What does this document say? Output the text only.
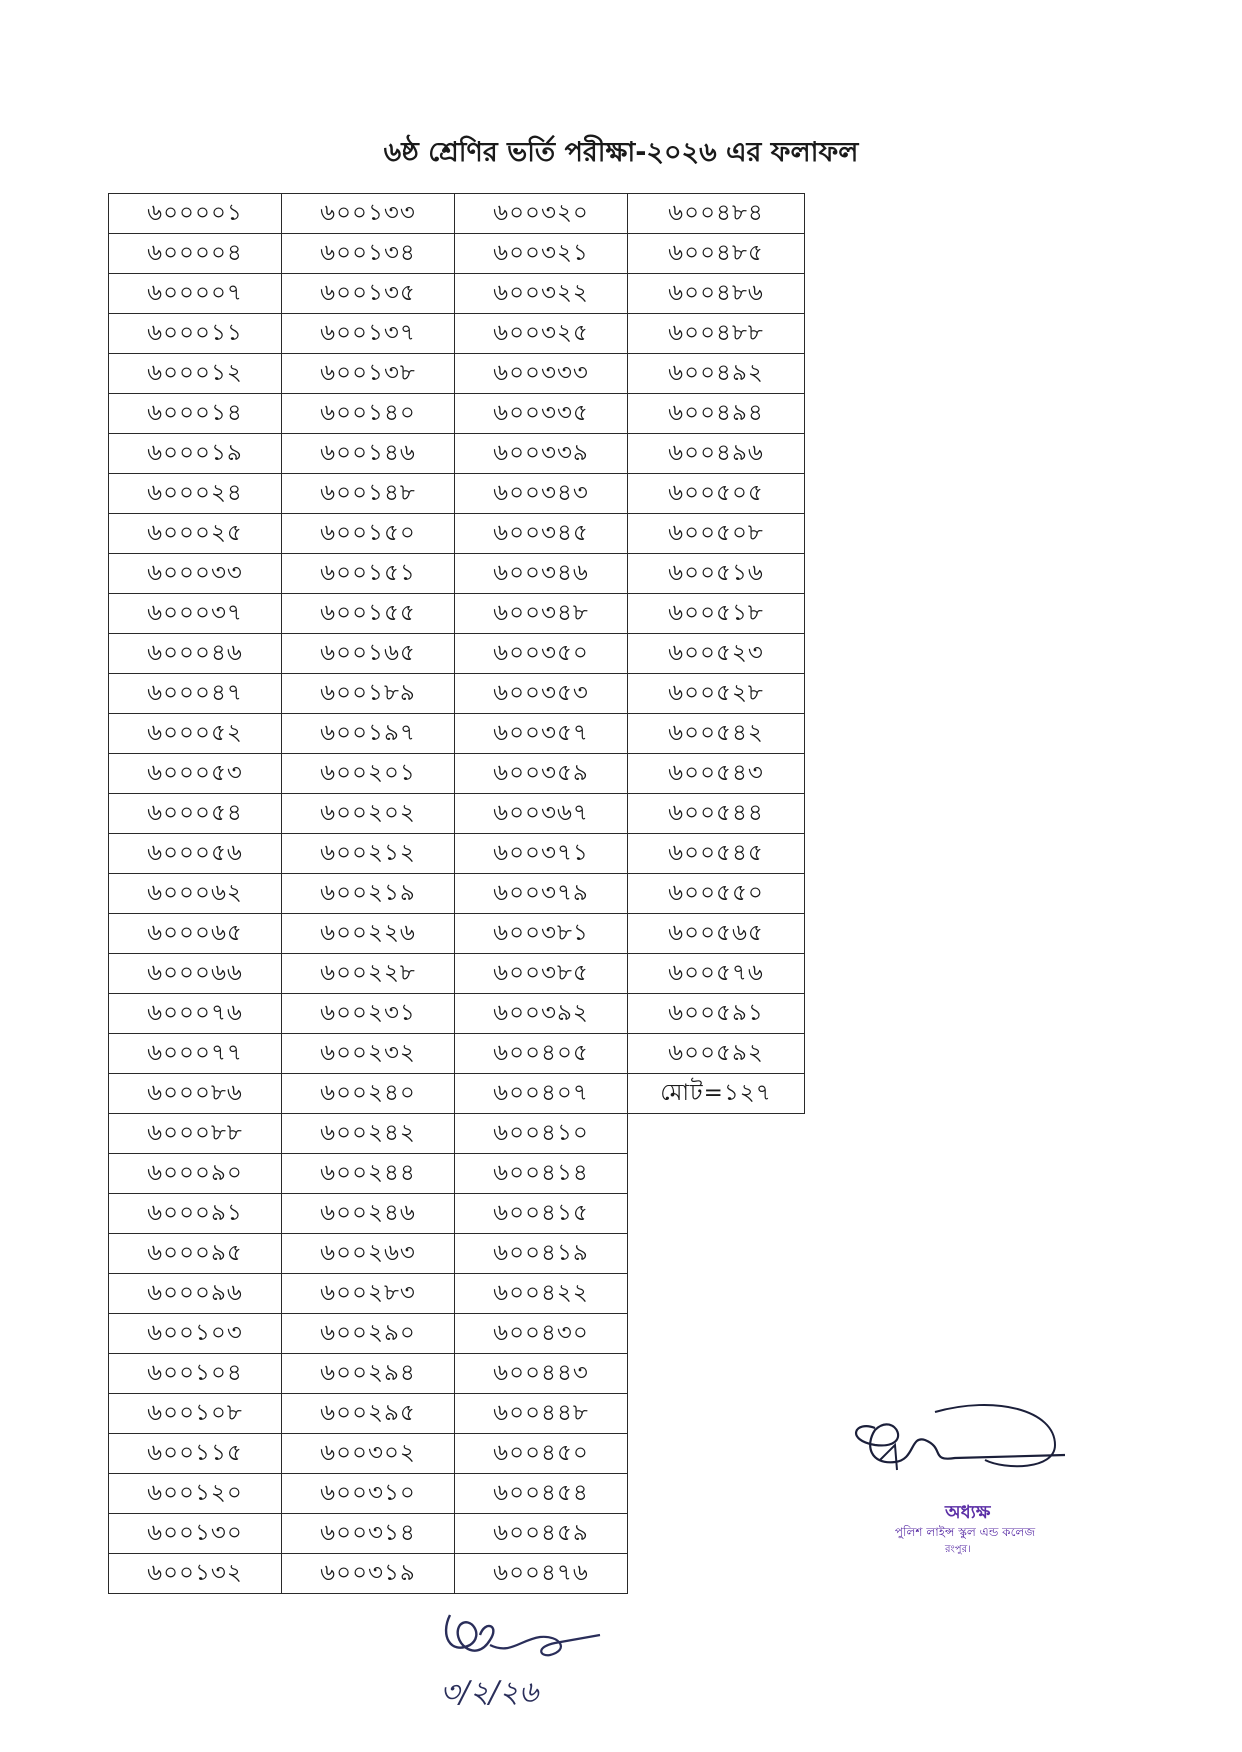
৬ষ্ঠ শ্রেণির ভর্তি পরীক্ষা-২০২৬ এর ফলাফল
৬০০০০১	৬০০১৩৩	৬০০৩২০	৬০০৪৮৪
৬০০০০৪	৬০০১৩৪	৬০০৩২১	৬০০৪৮৫
৬০০০০৭	৬০০১৩৫	৬০০৩২২	৬০০৪৮৬
৬০০০১১	৬০০১৩৭	৬০০৩২৫	৬০০৪৮৮
৬০০০১২	৬০০১৩৮	৬০০৩৩৩	৬০০৪৯২
৬০০০১৪	৬০০১৪০	৬০০৩৩৫	৬০০৪৯৪
৬০০০১৯	৬০০১৪৬	৬০০৩৩৯	৬০০৪৯৬
৬০০০২৪	৬০০১৪৮	৬০০৩৪৩	৬০০৫০৫
৬০০০২৫	৬০০১৫০	৬০০৩৪৫	৬০০৫০৮
৬০০০৩৩	৬০০১৫১	৬০০৩৪৬	৬০০৫১৬
৬০০০৩৭	৬০০১৫৫	৬০০৩৪৮	৬০০৫১৮
৬০০০৪৬	৬০০১৬৫	৬০০৩৫০	৬০০৫২৩
৬০০০৪৭	৬০০১৮৯	৬০০৩৫৩	৬০০৫২৮
৬০০০৫২	৬০০১৯৭	৬০০৩৫৭	৬০০৫৪২
৬০০০৫৩	৬০০২০১	৬০০৩৫৯	৬০০৫৪৩
৬০০০৫৪	৬০০২০২	৬০০৩৬৭	৬০০৫৪৪
৬০০০৫৬	৬০০২১২	৬০০৩৭১	৬০০৫৪৫
৬০০০৬২	৬০০২১৯	৬০০৩৭৯	৬০০৫৫০
৬০০০৬৫	৬০০২২৬	৬০০৩৮১	৬০০৫৬৫
৬০০০৬৬	৬০০২২৮	৬০০৩৮৫	৬০০৫৭৬
৬০০০৭৬	৬০০২৩১	৬০০৩৯২	৬০০৫৯১
৬০০০৭৭	৬০০২৩২	৬০০৪০৫	৬০০৫৯২
৬০০০৮৬	৬০০২৪০	৬০০৪০৭	মোট=১২৭
৬০০০৮৮	৬০০২৪২	৬০০৪১০	
৬০০০৯০	৬০০২৪৪	৬০০৪১৪	
৬০০০৯১	৬০০২৪৬	৬০০৪১৫	
৬০০০৯৫	৬০০২৬৩	৬০০৪১৯	
৬০০০৯৬	৬০০২৮৩	৬০০৪২২	
৬০০১০৩	৬০০২৯০	৬০০৪৩০	
৬০০১০৪	৬০০২৯৪	৬০০৪৪৩	
৬০০১০৮	৬০০২৯৫	৬০০৪৪৮	
৬০০১১৫	৬০০৩০২	৬০০৪৫০	
৬০০১২০	৬০০৩১০	৬০০৪৫৪	
৬০০১৩০	৬০০৩১৪	৬০০৪৫৯	
৬০০১৩২	৬০০৩১৯	৬০০৪৭৬	
অধ্যক্ষ
পুলিশ লাইন্স স্কুল এন্ড কলেজ
রংপুর।
৩/২/২৬
